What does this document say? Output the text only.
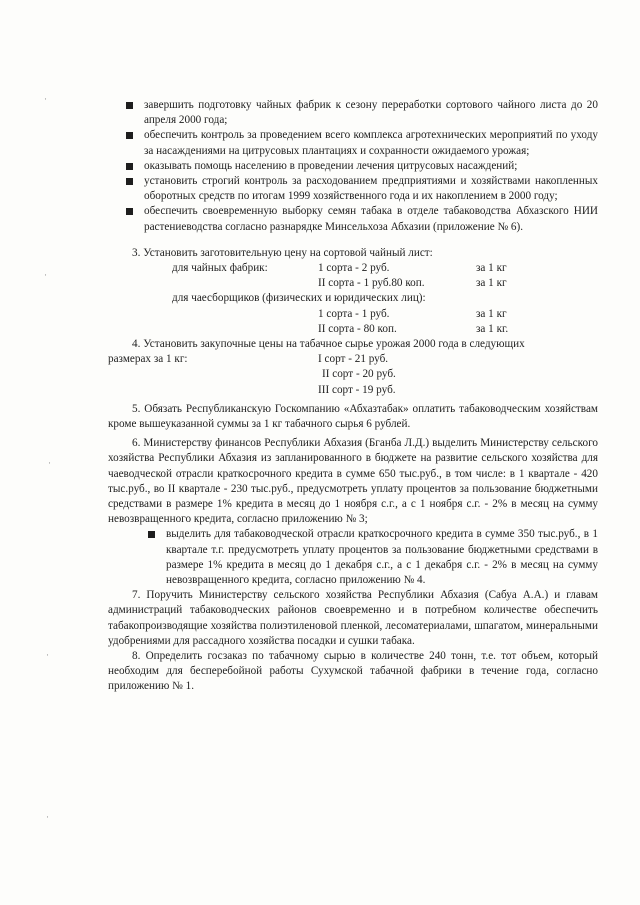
·
·
·
·
·
завершить подготовку чайных фабрик к сезону переработки сортового чайного листа до 20 апреля 2000 года;
обеспечить контроль за проведением всего комплекса агротехнических мероприятий по уходу за насаждениями на цитрусовых плантациях и сохранности ожидаемого урожая;
оказывать помощь населению в проведении лечения цитрусовых насаждений;
установить строгий контроль за расходованием предприятиями и хозяйствами накопленных оборотных средств по итогам 1999 хозяйственного года и их накоплением в 2000 году;
обеспечить своевременную выборку семян табака в отделе табаководства Абхазского НИИ растениеводства согласно разнарядке Минсельхоза Абхазии (приложение № 6).
3. Установить заготовительную цену на сортовой чайный лист:
для чайных фабрик:	1 сорта - 2 руб.	за 1 кг
II сорта - 1 руб.80 коп.	за 1 кг
для чаесборщиков (физических и юридических лиц):
1 сорта - 1 руб.	за 1 кг
II сорта - 80 коп.	за 1 кг.
4. Установить закупочные цены на табачное сырье урожая 2000 года в следующих
размерах за 1 кг:	I сорт - 21 руб.
II сорт - 20 руб.
III сорт - 19 руб.
5. Обязать Республиканскую Госкомпанию «Абхазтабак» оплатить табаководческим хозяйствам кроме вышеуказанной суммы за 1 кг табачного сырья 6 рублей.
6. Министерству финансов Республики Абхазия (Бганба Л.Д.) выделить Министерству сельского хозяйства Республики Абхазия из запланированного в бюджете на развитие сельского хозяйства для чаеводческой отрасли краткосрочного кредита в сумме 650 тыс.руб., в том числе: в 1 квартале - 420 тыс.руб., во II квартале - 230 тыс.руб., предусмотреть уплату процентов за пользование бюджетными средствами в размере 1% кредита в месяц до 1 ноября с.г., а с 1 ноября с.г. - 2% в месяц на сумму невозвращенного кредита, согласно приложению № 3;
выделить для табаководческой отрасли краткосрочного кредита в сумме 350 тыс.руб., в 1 квартале т.г. предусмотреть уплату процентов за пользование бюджетными средствами в размере 1% кредита в месяц до 1 декабря с.г., а с 1 декабря с.г. - 2% в месяц на сумму невозвращенного кредита, согласно приложению № 4.
7. Поручить Министерству сельского хозяйства Республики Абхазия (Сабуа А.А.) и главам администраций табаководческих районов своевременно и в потребном количестве обеспечить табакопроизводящие хозяйства полиэтиленовой пленкой, лесоматериалами, шпагатом, минеральными удобрениями для рассадного хозяйства посадки и сушки табака.
8. Определить госзаказ по табачному сырью в количестве 240 тонн, т.е. тот объем, который необходим для бесперебойной работы Сухумской табачной фабрики в течение года, согласно приложению № 1.
